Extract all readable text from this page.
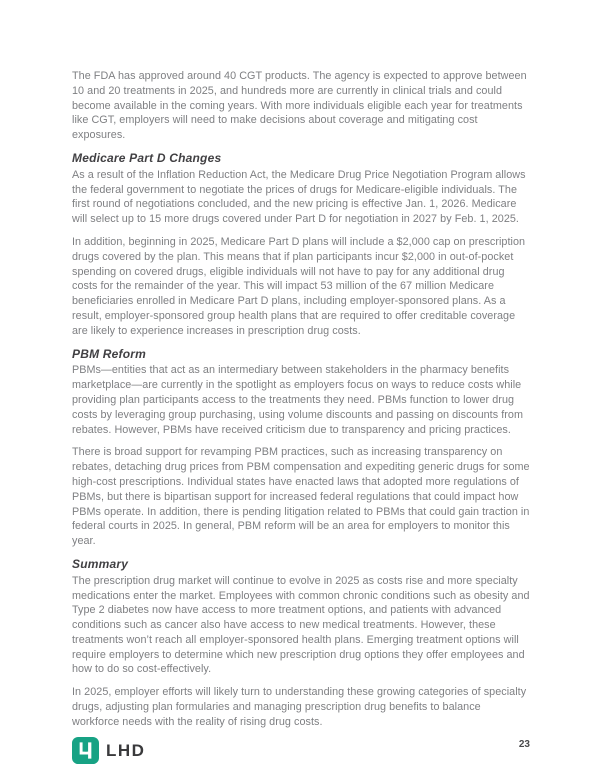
The FDA has approved around 40 CGT products. The agency is expected to approve between 10 and 20 treatments in 2025, and hundreds more are currently in clinical trials and could become available in the coming years. With more individuals eligible each year for treatments like CGT, employers will need to make decisions about coverage and mitigating cost exposures.

Medicare Part D Changes

As a result of the Inflation Reduction Act, the Medicare Drug Price Negotiation Program allows the federal government to negotiate the prices of drugs for Medicare-eligible individuals. The first round of negotiations concluded, and the new pricing is effective Jan. 1, 2026. Medicare will select up to 15 more drugs covered under Part D for negotiation in 2027 by Feb. 1, 2025.

In addition, beginning in 2025, Medicare Part D plans will include a $2,000 cap on prescription drugs covered by the plan. This means that if plan participants incur $2,000 in out-of-pocket spending on covered drugs, eligible individuals will not have to pay for any additional drug costs for the remainder of the year. This will impact 53 million of the 67 million Medicare beneficiaries enrolled in Medicare Part D plans, including employer-sponsored plans. As a result, employer-sponsored group health plans that are required to offer creditable coverage are likely to experience increases in prescription drug costs.

PBM Reform

PBMs—entities that act as an intermediary between stakeholders in the pharmacy benefits marketplace—are currently in the spotlight as employers focus on ways to reduce costs while providing plan participants access to the treatments they need. PBMs function to lower drug costs by leveraging group purchasing, using volume discounts and passing on discounts from rebates. However, PBMs have received criticism due to transparency and pricing practices.

There is broad support for revamping PBM practices, such as increasing transparency on rebates, detaching drug prices from PBM compensation and expediting generic drugs for some high-cost prescriptions. Individual states have enacted laws that adopted more regulations of PBMs, but there is bipartisan support for increased federal regulations that could impact how PBMs operate. In addition, there is pending litigation related to PBMs that could gain traction in federal courts in 2025. In general, PBM reform will be an area for employers to monitor this year.

Summary

The prescription drug market will continue to evolve in 2025 as costs rise and more specialty medications enter the market. Employees with common chronic conditions such as obesity and Type 2 diabetes now have access to more treatment options, and patients with advanced conditions such as cancer also have access to new medical treatments. However, these treatments won’t reach all employer-sponsored health plans. Emerging treatment options will require employers to determine which new prescription drug options they offer employees and how to do so cost-effectively.

In 2025, employer efforts will likely turn to understanding these growing categories of specialty drugs, adjusting plan formularies and managing prescription drug benefits to balance workforce needs with the reality of rising drug costs.

LHD	23
